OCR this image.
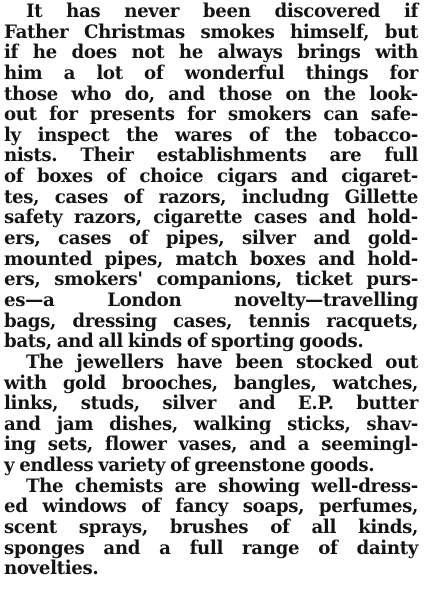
It has never been discovered if
Father Christmas smokes himself, but
if he does not he always brings with
him a lot of wonderful things for
those who do, and those on the look-
out for presents for smokers can safe-
ly inspect the wares of the tobacco-
nists. Their establishments are full
of boxes of choice cigars and cigaret-
tes, cases of razors, includng Gillette
safety razors, cigarette cases and hold-
ers, cases of pipes, silver and gold-
mounted pipes, match boxes and hold-
ers, smokers' companions, ticket purs-
es—a London novelty—travelling
bags, dressing cases, tennis racquets,
bats, and all kinds of sporting goods.
The jewellers have been stocked out
with gold brooches, bangles, watches,
links, studs, silver and E.P. butter
and jam dishes, walking sticks, shav-
ing sets, flower vases, and a seemingl-
y endless variety of greenstone goods.
The chemists are showing well-dress-
ed windows of fancy soaps, perfumes,
scent sprays, brushes of all kinds,
sponges and a full range of dainty
novelties.
